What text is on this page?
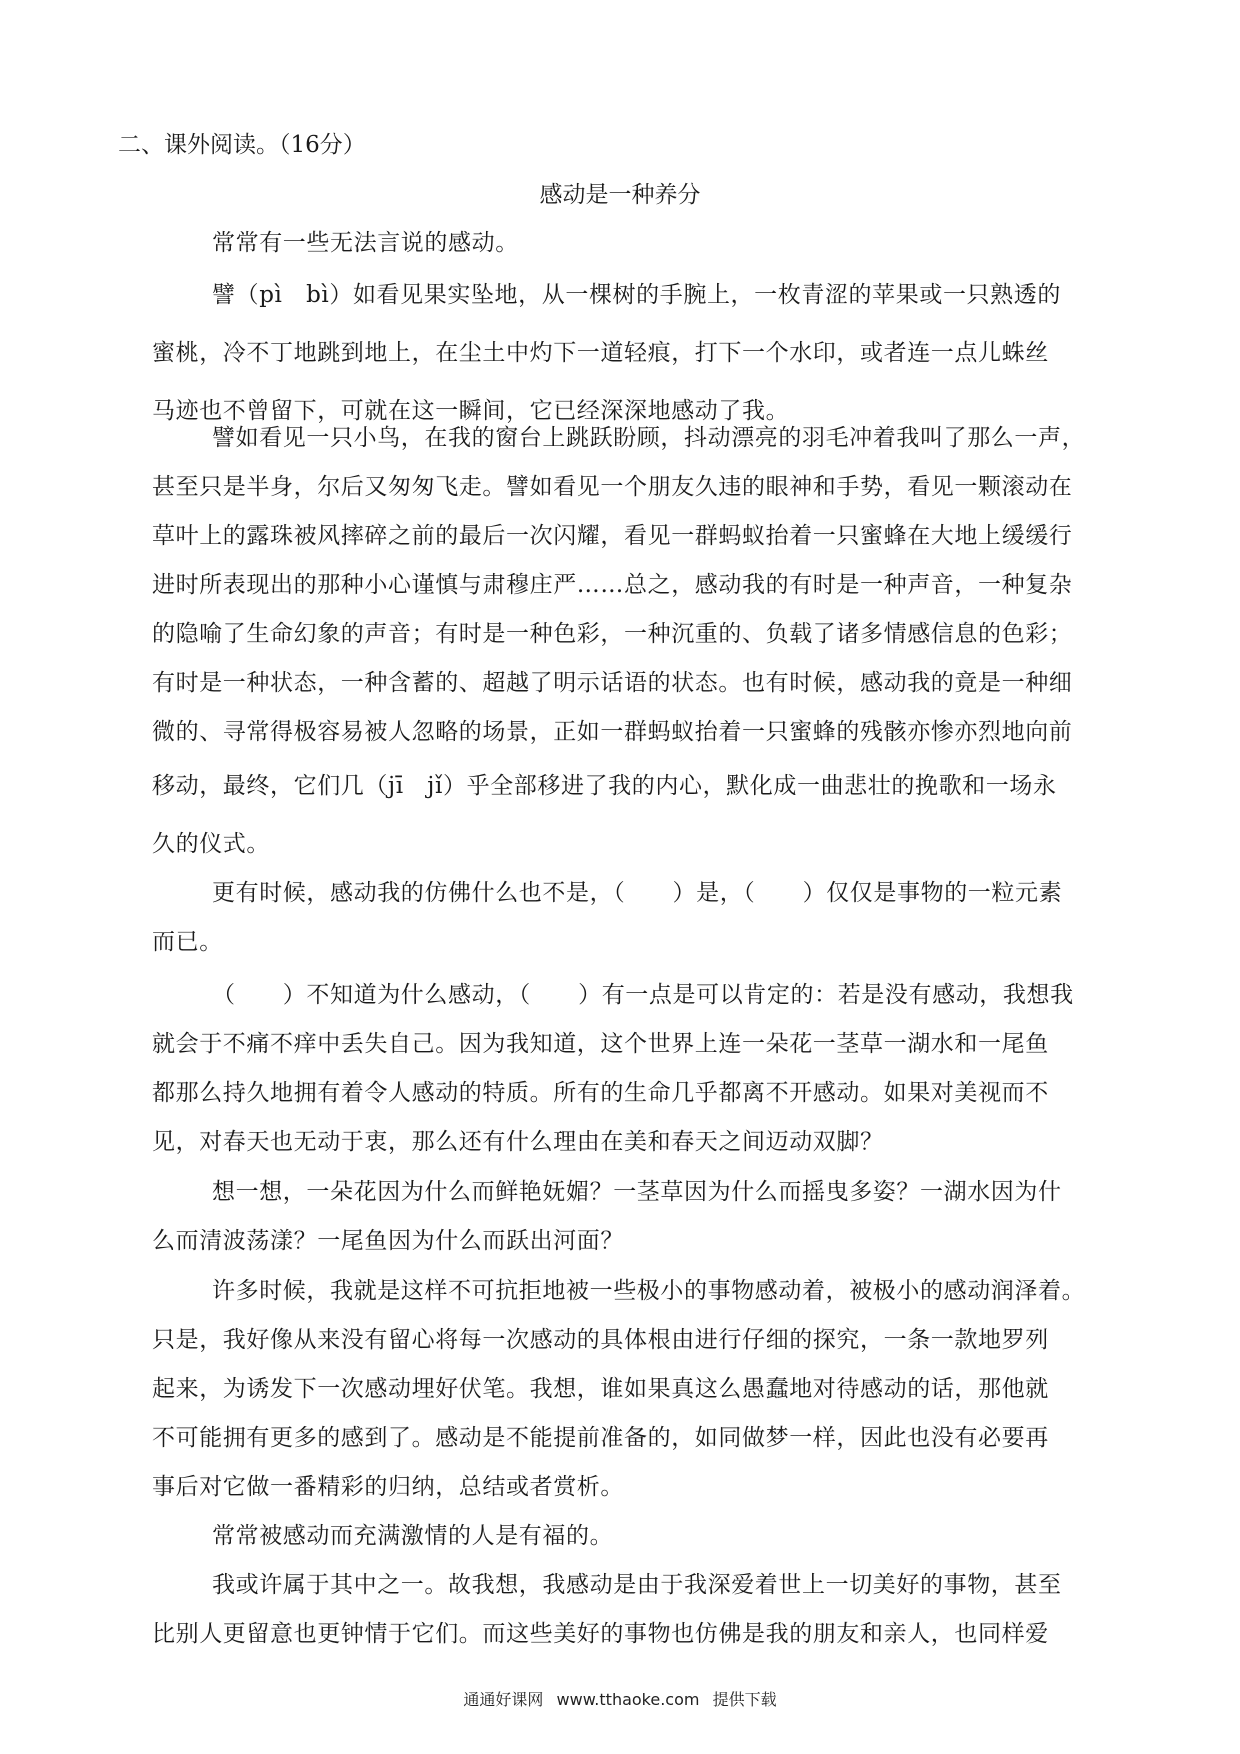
二、课外阅读。（16分）
感动是一种养分
常常有一些无法言说的感动。
譬（pì　bì）如看见果实坠地，从一棵树的手腕上，一枚青涩的苹果或一只熟透的
蜜桃，冷不丁地跳到地上，在尘土中灼下一道轻痕，打下一个水印，或者连一点儿蛛丝
马迹也不曾留下，可就在这一瞬间，它已经深深地感动了我。
譬如看见一只小鸟，在我的窗台上跳跃盼顾，抖动漂亮的羽毛冲着我叫了那么一声，
甚至只是半身，尔后又匆匆飞走。譬如看见一个朋友久违的眼神和手势，看见一颗滚动在
草叶上的露珠被风摔碎之前的最后一次闪耀，看见一群蚂蚁抬着一只蜜蜂在大地上缓缓行
进时所表现出的那种小心谨慎与肃穆庄严……总之，感动我的有时是一种声音，一种复杂
的隐喻了生命幻象的声音；有时是一种色彩，一种沉重的、负载了诸多情感信息的色彩；
有时是一种状态，一种含蓄的、超越了明示话语的状态。也有时候，感动我的竟是一种细
微的、寻常得极容易被人忽略的场景，正如一群蚂蚁抬着一只蜜蜂的残骸亦惨亦烈地向前
移动，最终，它们几（jī　jǐ）乎全部移进了我的内心，默化成一曲悲壮的挽歌和一场永
久的仪式。
更有时候，感动我的仿佛什么也不是，（　　）是，（　　）仅仅是事物的一粒元素
而已。
（　　）不知道为什么感动，（　　）有一点是可以肯定的：若是没有感动，我想我
就会于不痛不痒中丢失自己。因为我知道，这个世界上连一朵花一茎草一湖水和一尾鱼
都那么持久地拥有着令人感动的特质。所有的生命几乎都离不开感动。如果对美视而不
见，对春天也无动于衷，那么还有什么理由在美和春天之间迈动双脚？
想一想，一朵花因为什么而鲜艳妩媚？一茎草因为什么而摇曳多姿？一湖水因为什
么而清波荡漾？一尾鱼因为什么而跃出河面？
许多时候，我就是这样不可抗拒地被一些极小的事物感动着，被极小的感动润泽着。
只是，我好像从来没有留心将每一次感动的具体根由进行仔细的探究，一条一款地罗列
起来，为诱发下一次感动埋好伏笔。我想，谁如果真这么愚蠢地对待感动的话，那他就
不可能拥有更多的感到了。感动是不能提前准备的，如同做梦一样，因此也没有必要再
事后对它做一番精彩的归纳，总结或者赏析。
常常被感动而充满激情的人是有福的。
我或许属于其中之一。故我想，我感动是由于我深爱着世上一切美好的事物，甚至
比别人更留意也更钟情于它们。而这些美好的事物也仿佛是我的朋友和亲人，也同样爱
通通好课网 www.tthaoke.com 提供下载
